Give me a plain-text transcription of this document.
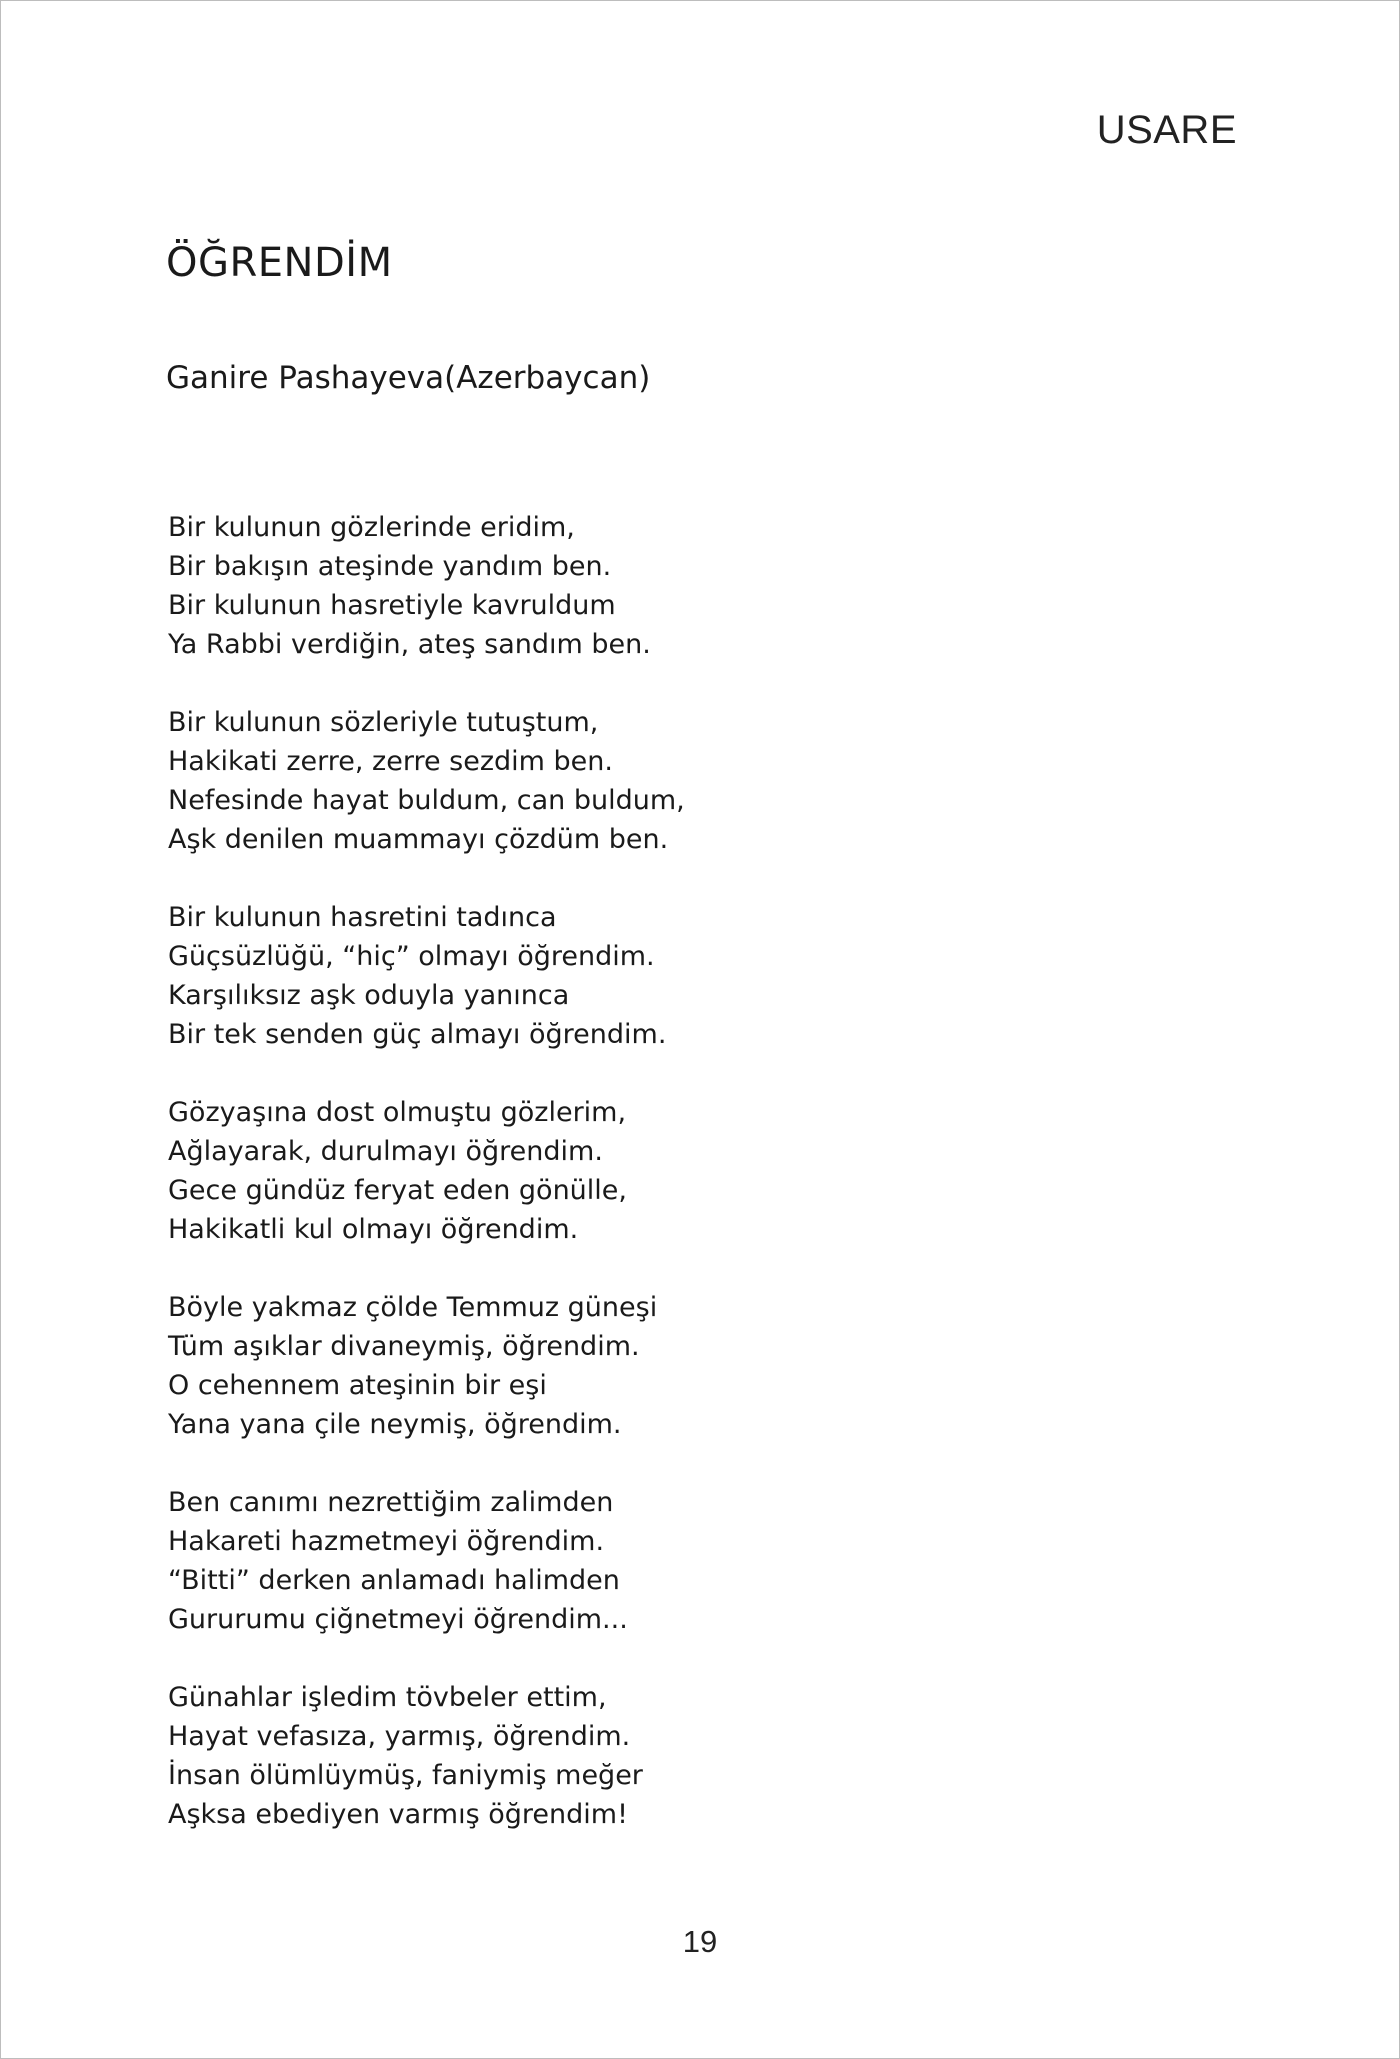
USARE
ÖĞRENDİM
Ganire Pashayeva(Azerbaycan)
Bir kulunun gözlerinde eridim,
Bir bakışın ateşinde yandım ben.
Bir kulunun hasretiyle kavruldum
Ya Rabbi verdiğin, ateş sandım ben.
Bir kulunun sözleriyle tutuştum,
Hakikati zerre, zerre sezdim ben.
Nefesinde hayat buldum, can buldum,
Aşk denilen muammayı çözdüm ben.
Bir kulunun hasretini tadınca
Güçsüzlüğü, “hiç” olmayı öğrendim.
Karşılıksız aşk oduyla yanınca
Bir tek senden güç almayı öğrendim.
Gözyaşına dost olmuştu gözlerim,
Ağlayarak, durulmayı öğrendim.
Gece gündüz feryat eden gönülle,
Hakikatli kul olmayı öğrendim.
Böyle yakmaz çölde Temmuz güneşi
Tüm aşıklar divaneymiş, öğrendim.
O cehennem ateşinin bir eşi
Yana yana çile neymiş, öğrendim.
Ben canımı nezrettiğim zalimden
Hakareti hazmetmeyi öğrendim.
“Bitti” derken anlamadı halimden
Gururumu çiğnetmeyi öğrendim...
Günahlar işledim tövbeler ettim,
Hayat vefasıza, yarmış, öğrendim.
İnsan ölümlüymüş, faniymiş meğer
Aşksa ebediyen varmış öğrendim!
19
